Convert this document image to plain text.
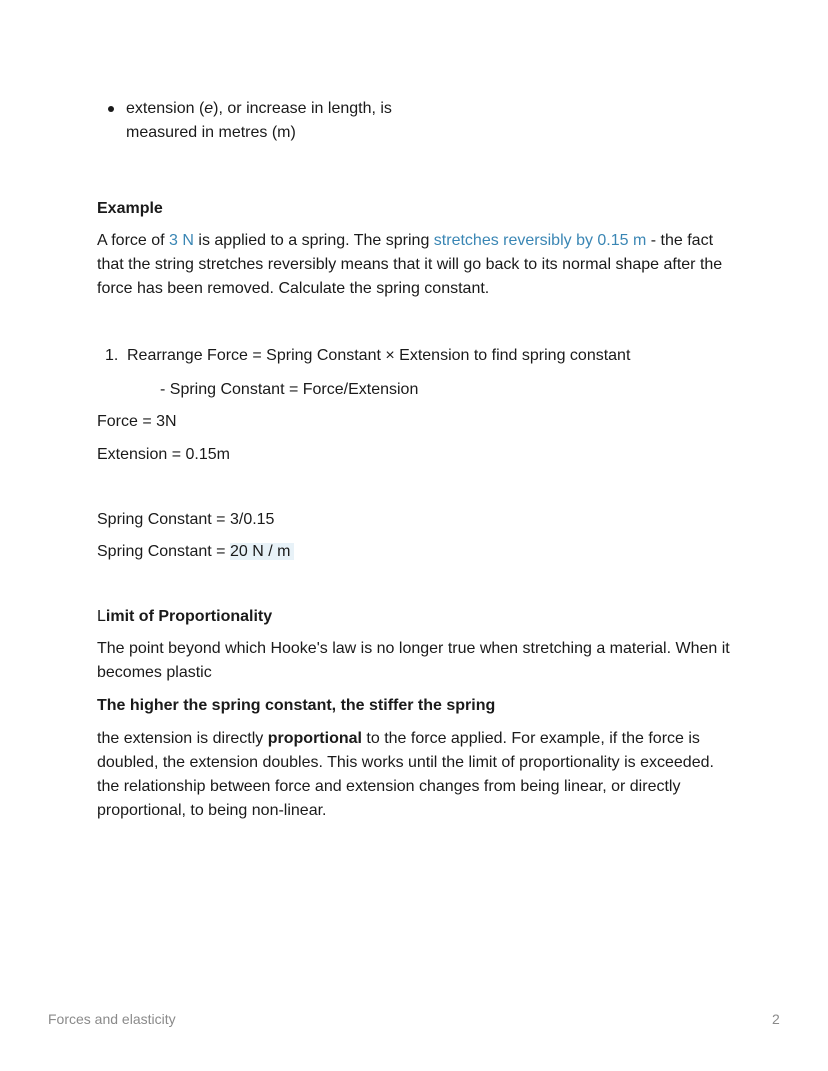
extension (e), or increase in length, is
measured in metres (m)
Example
A force of 3 N is applied to a spring. The spring stretches reversibly by 0.15 m - the fact that the string stretches reversibly means that it will go back to its normal shape after the force has been removed. Calculate the spring constant.
1. Rearrange Force = Spring Constant × Extension to find spring constant
- Spring Constant = Force/Extension
Force = 3N
Extension = 0.15m
Spring Constant = 3/0.15
Spring Constant = 20 N / m
Limit of Proportionality
The point beyond which Hooke's law is no longer true when stretching a material. When it becomes plastic
The higher the spring constant, the stiffer the spring
the extension is directly proportional to the force applied. For example, if the force is doubled, the extension doubles. This works until the limit of proportionality is exceeded. the relationship between force and extension changes from being linear, or directly proportional, to being non-linear.
Forces and elasticity	2
